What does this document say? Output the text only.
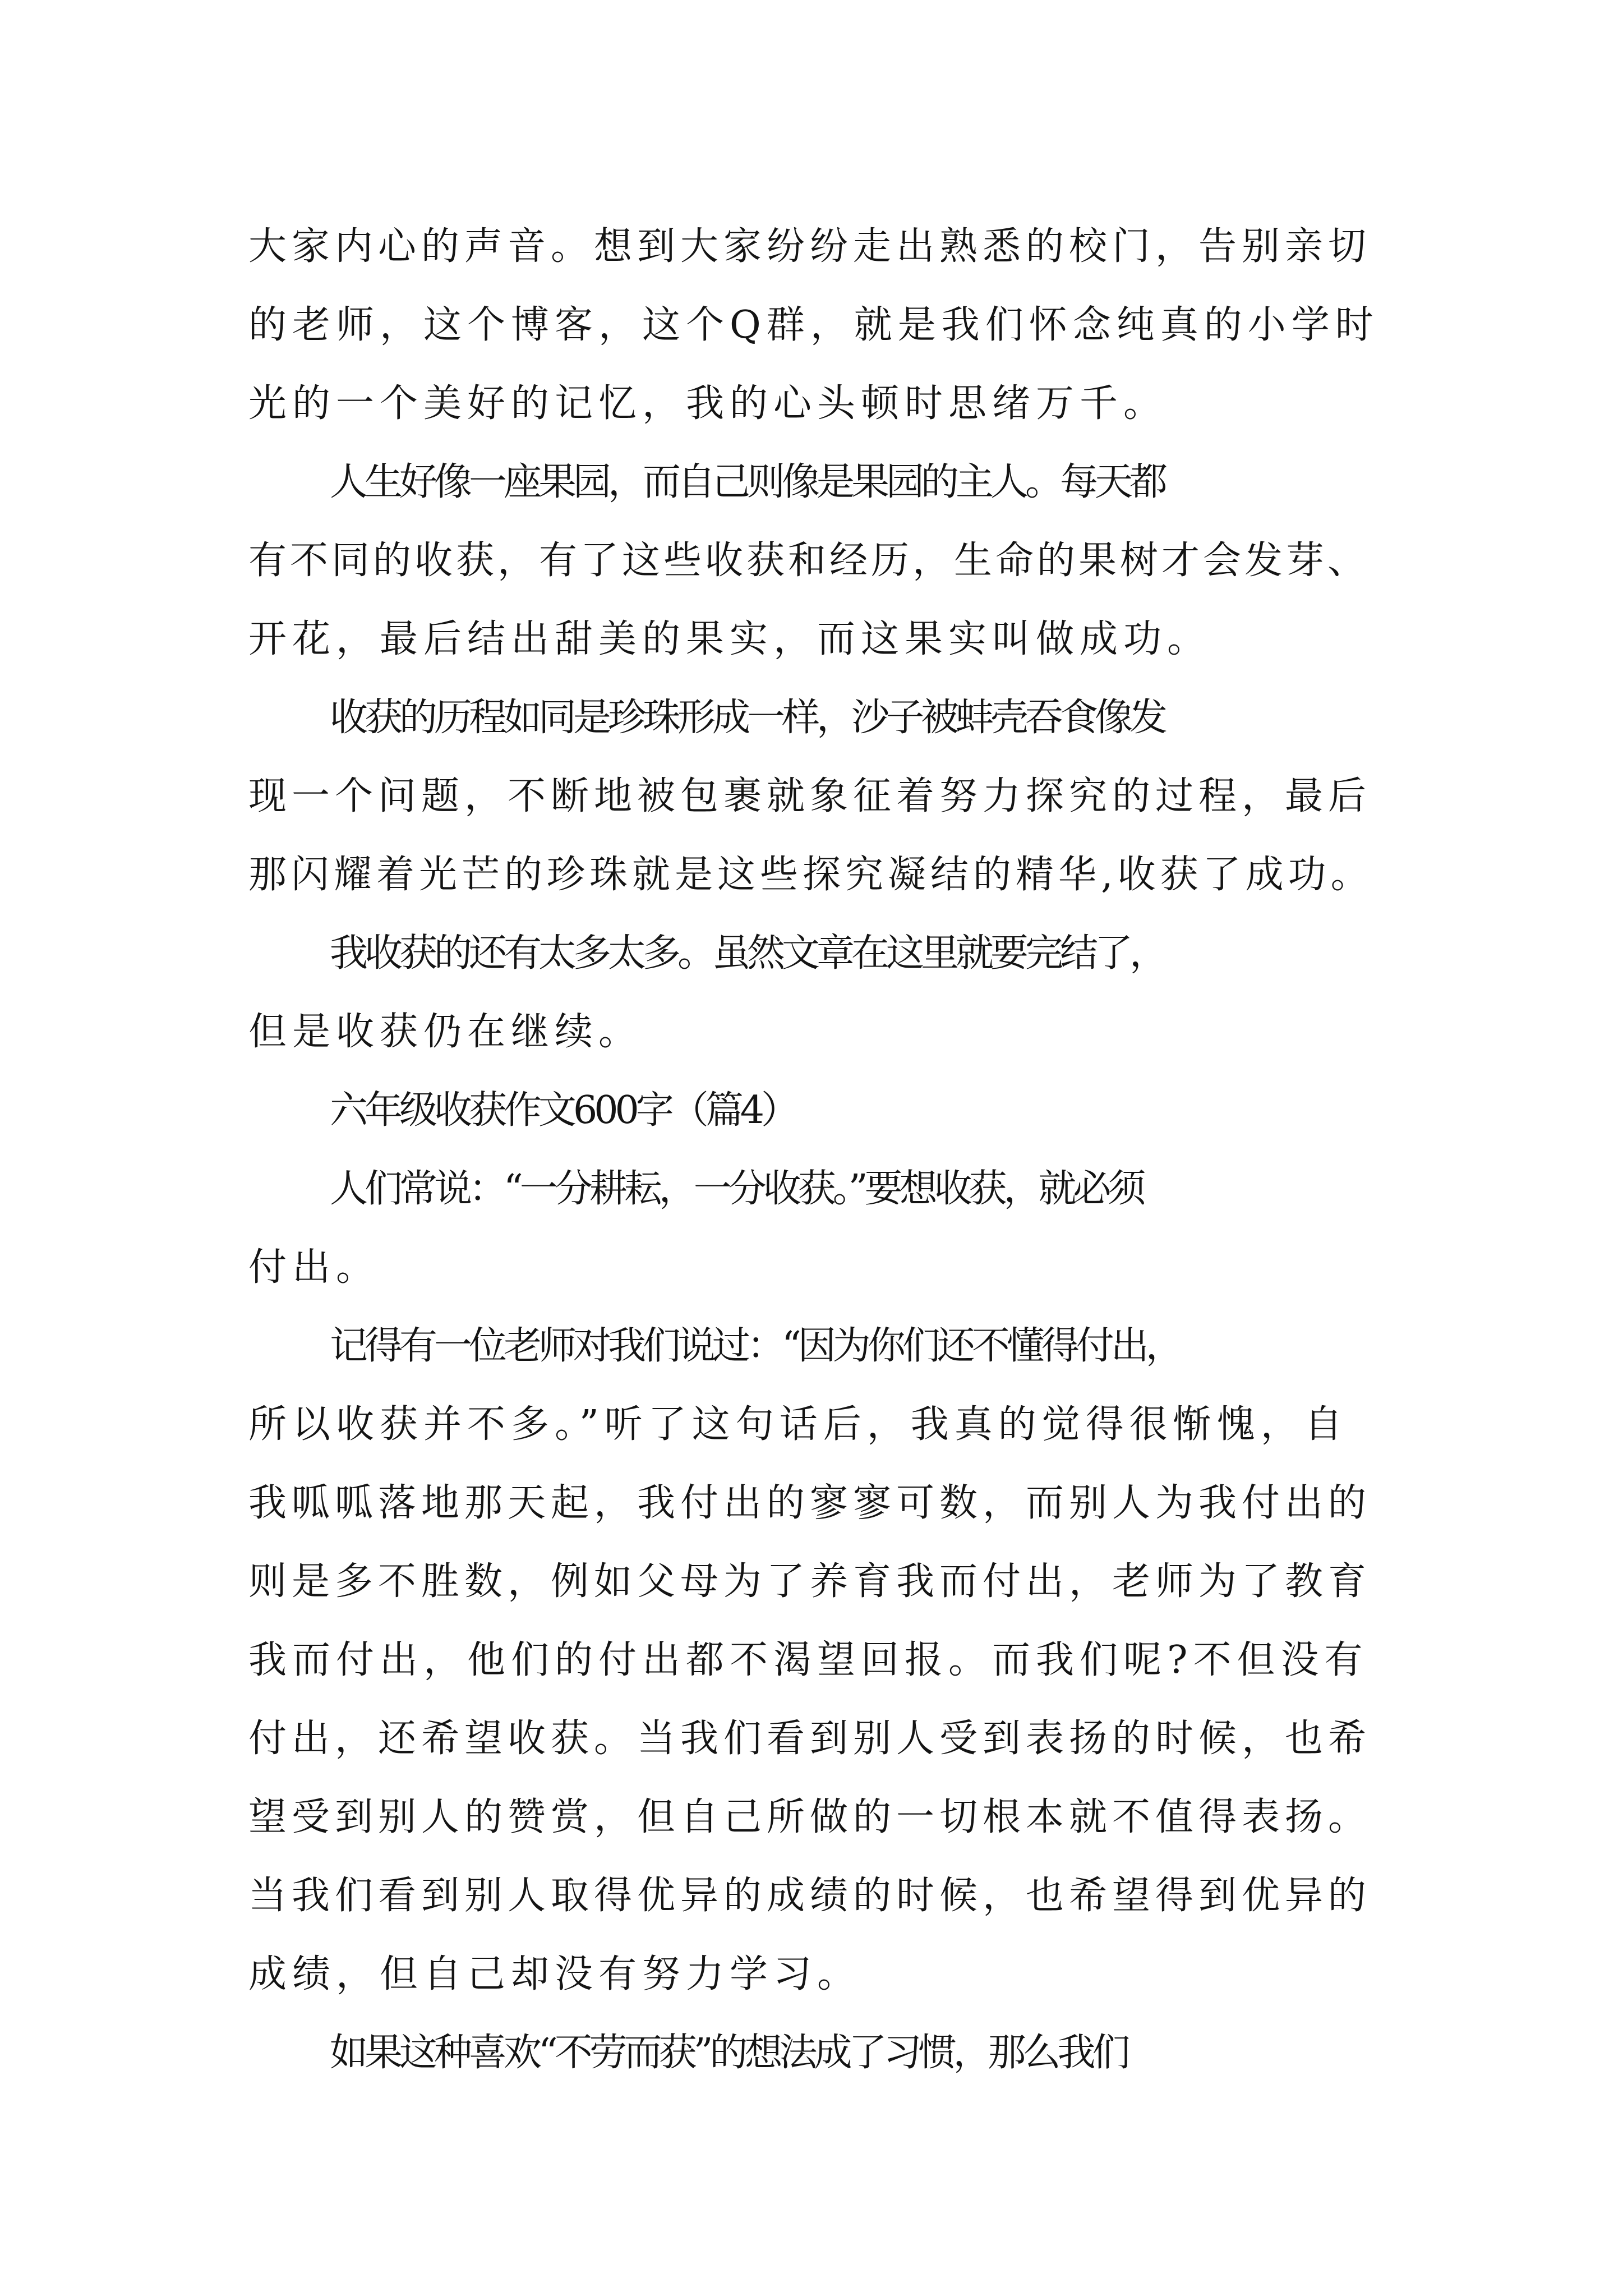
大家内心的声音。想到大家纷纷走出熟悉的校门，告别亲切

的老师，这个博客，这个Q群，就是我们怀念纯真的小学时

光的一个美好的记忆，我的心头顿时思绪万千。

人生好像一座果园，而自己则像是果园的主人。每天都

有不同的收获，有了这些收获和经历，生命的果树才会发芽、

开花，最后结出甜美的果实，而这果实叫做成功。

收获的历程如同是珍珠形成一样，沙子被蚌壳吞食像发

现一个问题，不断地被包裹就象征着努力探究的过程，最后

那闪耀着光芒的珍珠就是这些探究凝结的精华,收获了成功。

我收获的还有太多太多。虽然文章在这里就要完结了，

但是收获仍在继续。

六年级收获作文600字（篇4）

人们常说：“一分耕耘，一分收获。”要想收获，就必须

付出。

记得有一位老师对我们说过：“因为你们还不懂得付出，

所以收获并不多。”听了这句话后，我真的觉得很惭愧，自

我呱呱落地那天起，我付出的寥寥可数，而别人为我付出的

则是多不胜数，例如父母为了养育我而付出，老师为了教育

我而付出，他们的付出都不渴望回报。而我们呢?不但没有

付出，还希望收获。当我们看到别人受到表扬的时候，也希

望受到别人的赞赏，但自己所做的一切根本就不值得表扬。

当我们看到别人取得优异的成绩的时候，也希望得到优异的

成绩，但自己却没有努力学习。

如果这种喜欢“不劳而获”的想法成了习惯，那么我们
